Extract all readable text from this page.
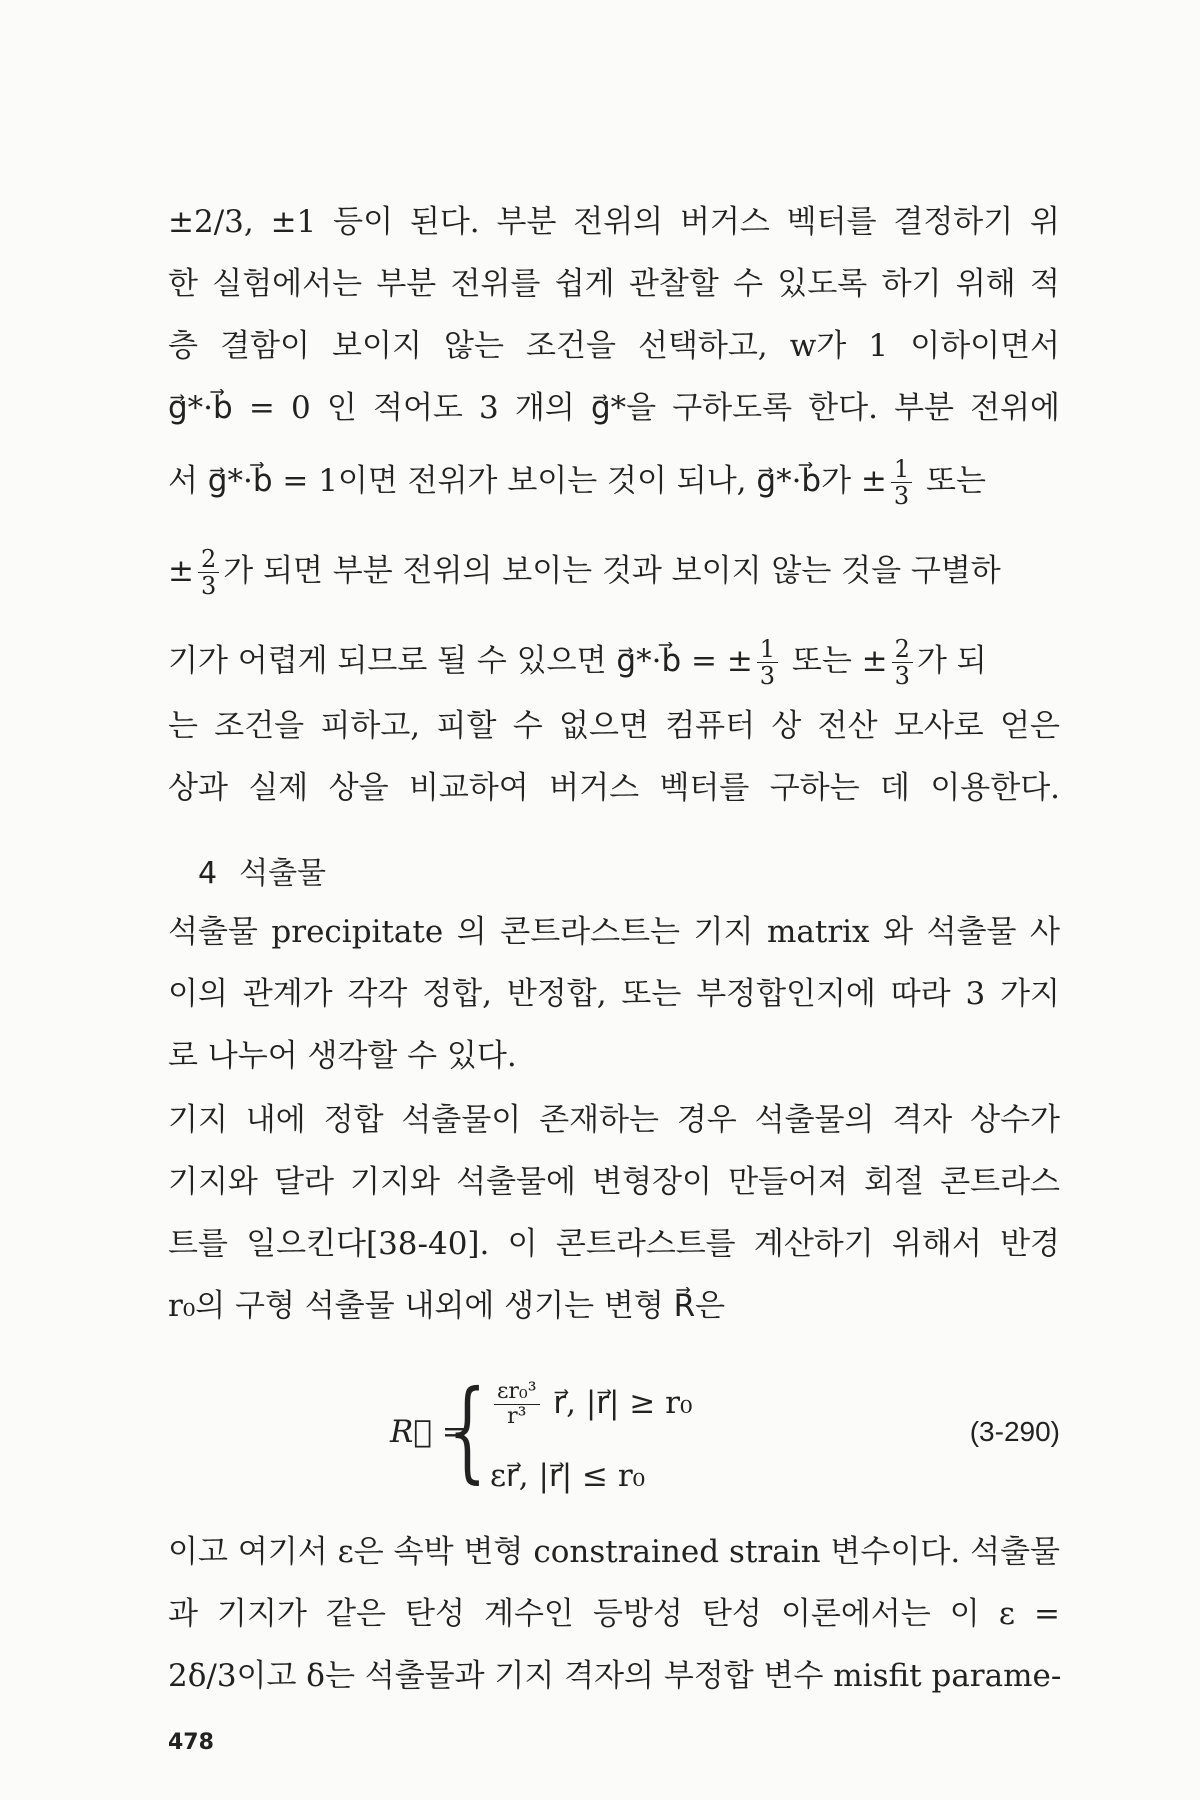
±2/3, ±1 등이 된다. 부분 전위의 버거스 벡터를 결정하기 위
한 실험에서는 부분 전위를 쉽게 관찰할 수 있도록 하기 위해 적
층 결함이 보이지 않는 조건을 선택하고, w가 1 이하이면서
g⃗*·b⃗ = 0 인 적어도 3 개의 g⃗*을 구하도록 한다. 부분 전위에
서 g⃗*·b⃗ = 1이면 전위가 보이는 것이 되나, g⃗*·b⃗가 ± $\frac{1}{3}$ 또는
± $\frac{2}{3}$ 가 되면 부분 전위의 보이는 것과 보이지 않는 것을 구별하
기가 어렵게 되므로 될 수 있으면 g⃗*·b⃗ = ± $\frac{1}{3}$ 또는 ± $\frac{2}{3}$ 가 되
는 조건을 피하고, 피할 수 없으면 컴퓨터 상 전산 모사로 얻은
상과 실제 상을 비교하여 버거스 벡터를 구하는 데 이용한다.
4 석출물
석출물 precipitate 의 콘트라스트는 기지 matrix 와 석출물 사
이의 관계가 각각 정합, 반정합, 또는 부정합인지에 따라 3 가지
로 나누어 생각할 수 있다.
기지 내에 정합 석출물이 존재하는 경우 석출물의 격자 상수가
기지와 달라 기지와 석출물에 변형장이 만들어져 회절 콘트라스
트를 일으킨다[38-40]. 이 콘트라스트를 계산하기 위해서 반경
r₀의 구형 석출물 내외에 생기는 변형 R⃗은
R⃗ =
{ $\frac{\text{εr₀³}}{\text{r³}}$ r⃗, |r⃗| ≥ r₀
εr⃗, |r⃗| ≤ r₀
(3-290)
이고 여기서 ε은 속박 변형 constrained strain 변수이다. 석출물
과 기지가 같은 탄성 계수인 등방성 탄성 이론에서는 이 ε =
2δ/3이고 δ는 석출물과 기지 격자의 부정합 변수 misfit parame-
478
